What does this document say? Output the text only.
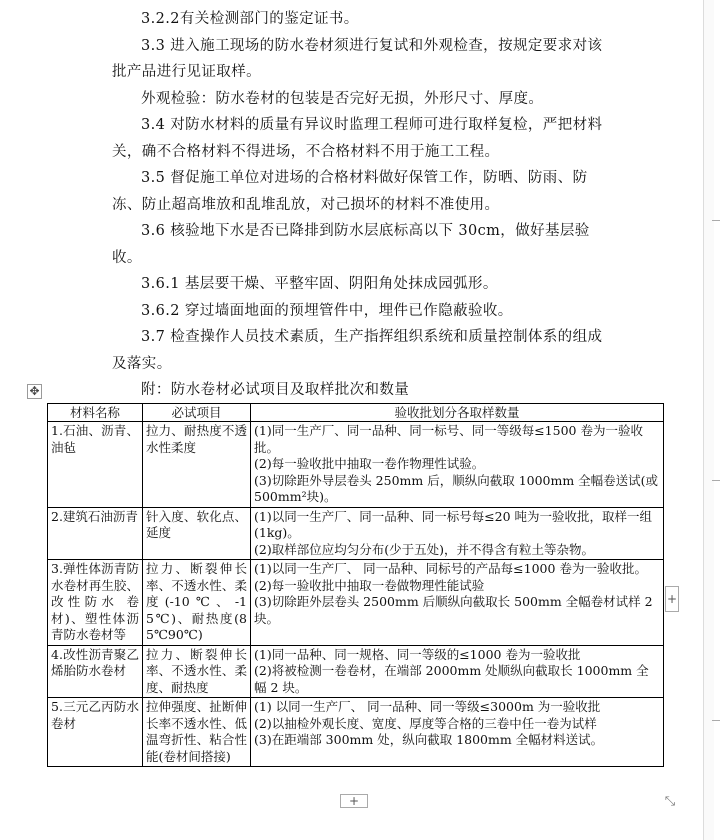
3.2.2有关检测部门的鉴定证书。

3.3 进入施工现场的防水卷材须进行复试和外观检查，按规定要求对该批产品进行见证取样。

外观检验：防水卷材的包装是否完好无损，外形尺寸、厚度。

3.4 对防水材料的质量有异议时监理工程师可进行取样复检，严把材料关，确不合格材料不得进场，不合格材料不用于施工工程。

3.5 督促施工单位对进场的合格材料做好保管工作，防晒、防雨、防冻、防止超高堆放和乱堆乱放，对己损坏的材料不准使用。

3.6 核验地下水是否已降排到防水层底标高以下 30cm，做好基层验收。

3.6.1 基层要干燥、平整牢固、阴阳角处抹成园弧形。

3.6.2 穿过墙面地面的预埋管件中，埋件已作隐蔽验收。

3.7 检查操作人员技术素质，生产指挥组织系统和质量控制体系的组成及落实。

附：防水卷材必试项目及取样批次和数量

✥
材料名称	必试项目	验收批划分各取样数量
1.石油、沥青、油毡	拉力、耐热度不透水性柔度	(1)同一生产厂、同一品种、同一标号、同一等级每≤1500 卷为一验收批。
(2)每一验收批中抽取一卷作物理性试验。
(3)切除距外导层卷头 250mm 后，顺纵向截取 1000mm 全幅卷送试(或 500mm²块)。

2.建筑石油沥青	针入度、软化点、延度	(1)以同一生产厂、同一品种、同一标号每≤20 吨为一验收批，取样一组(1kg)。
(2)取样部位应均匀分布(少于五处)，并不得含有粒土等杂物。

3.弹性体沥青防水卷材再生胶、改性防水 卷材)、塑性体沥青防水卷材等	拉力、断裂伸长率、不透水性、柔度(-10℃、-15℃)、耐热度(85℃90℃)	(1)以同一生产厂、 同一品种、同标号的产品每≤1000 卷为一验收批。
(2)每一验收批中抽取一卷做物理性能试验
(3)切除距外层卷头 2500mm 后顺纵向截取长 500mm 全幅卷材试样 2 块。

4.改性沥青聚乙烯胎防水卷材	拉力、断裂伸长率、不透水性、柔度、耐热度	(1)同一品种、同一规格、同一等级的≤1000 卷为一验收批
(2)将被检测一卷卷材，在端部 2000mm 处顺纵向截取长 1000mm 全幅 2 块。

5.三元乙丙防水卷材	拉伸强度、扯断伸长率不透水性、低温弯折性、粘合性能(卷材间搭接)	(1) 以同一生产厂、 同一品种、同一等级≤3000m 为一验收批
(2)以抽检外观长度、宽度、厚度等合格的三卷中任一卷为试样
(3)在距端部 300mm 处，纵向截取 1800mm 全幅材料送试。
+
+	⤡
